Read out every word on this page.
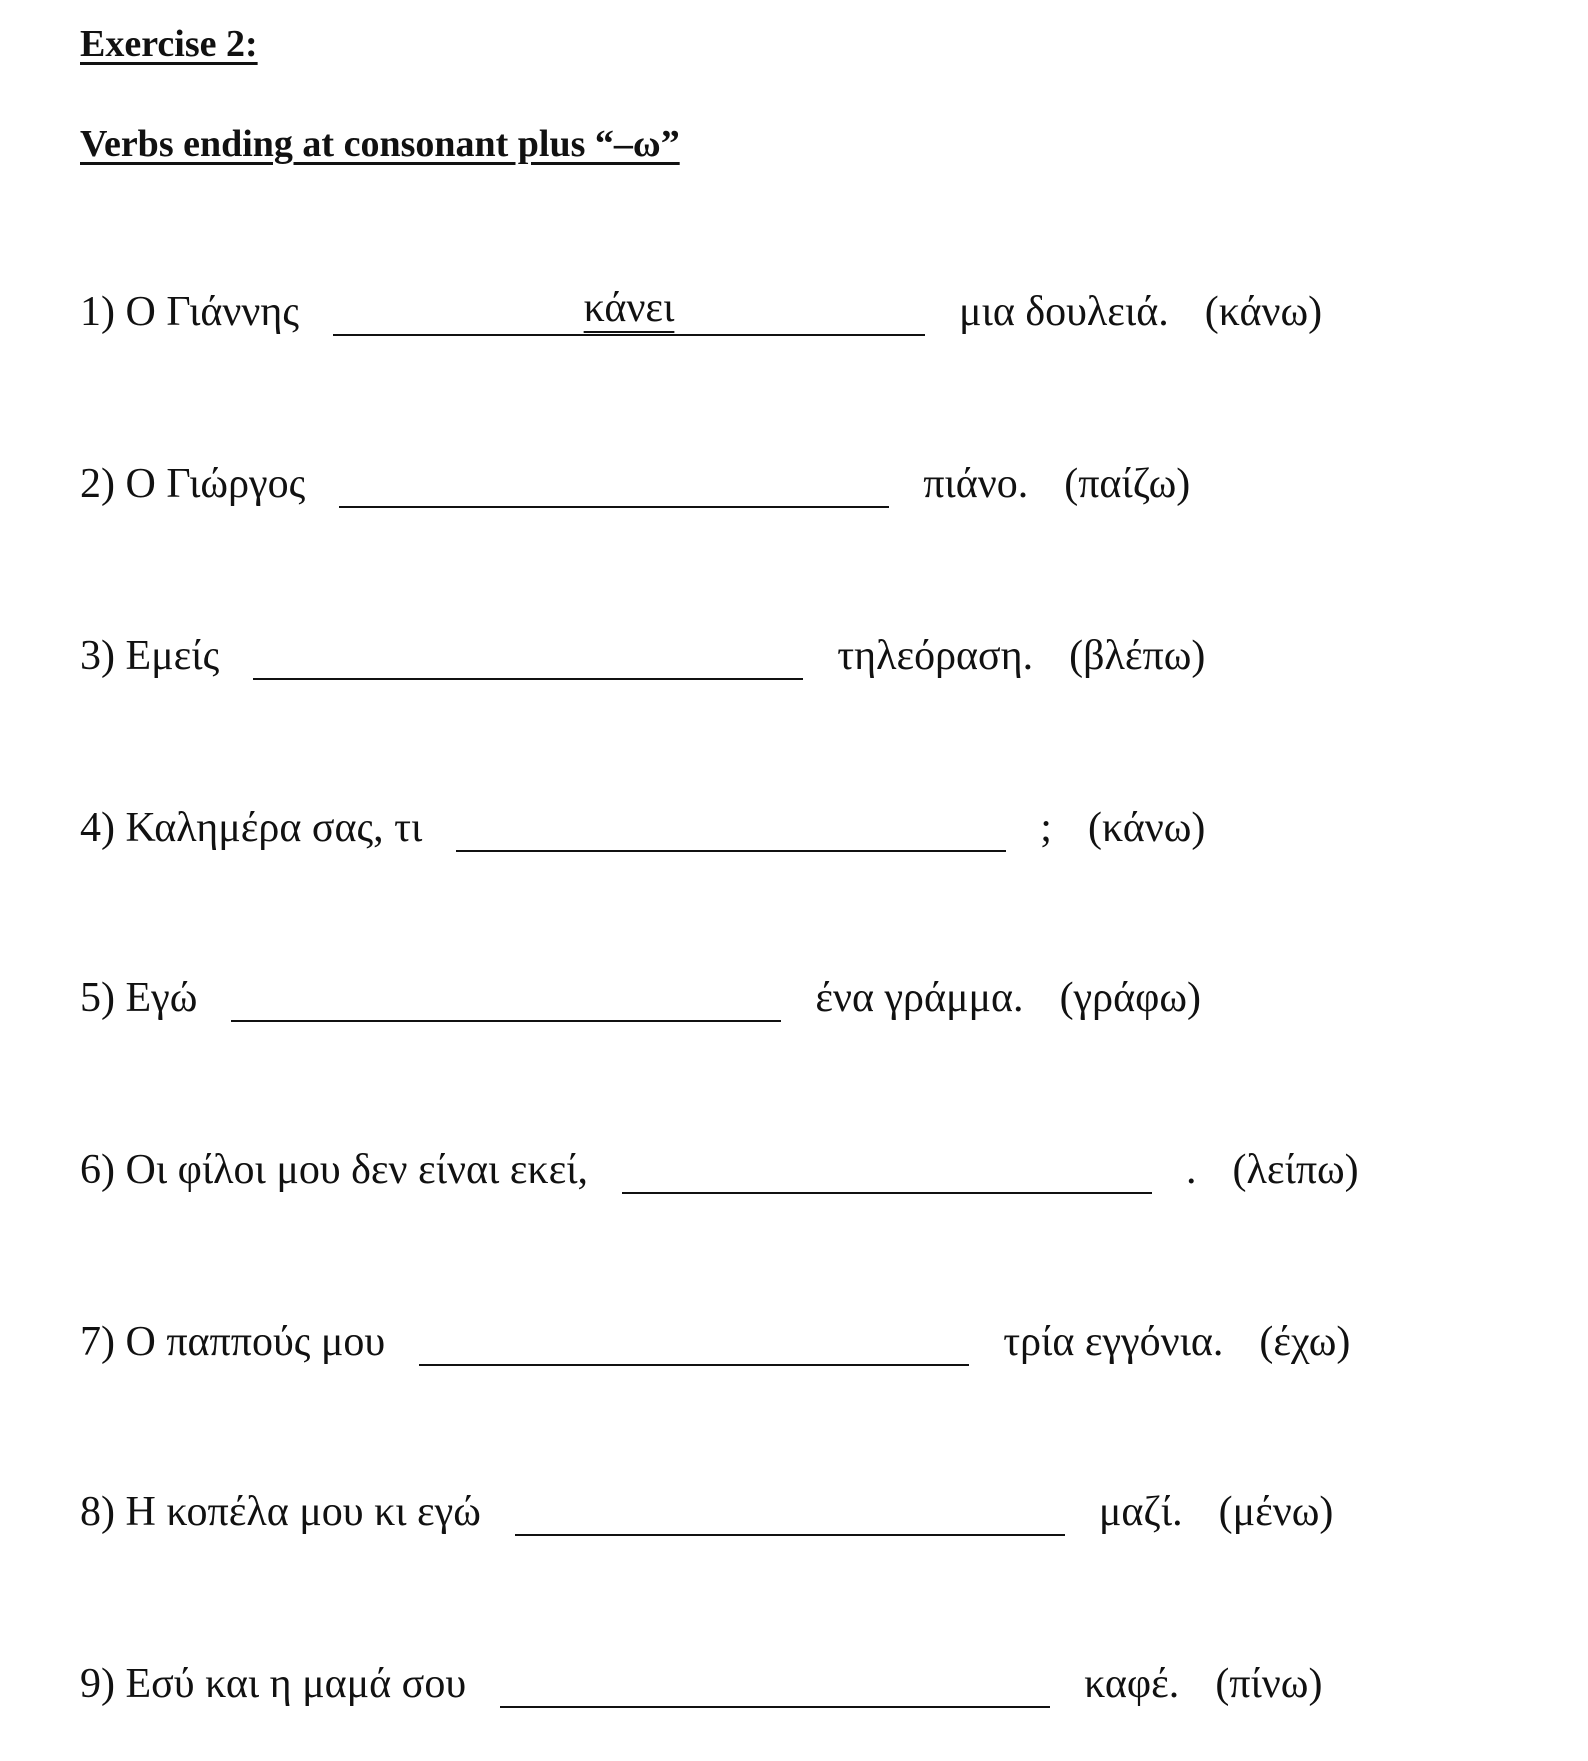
Exercise 2:
Verbs ending at consonant plus “–ω”
1) Ο Γιάννης	κάνει	μια δουλειά. (κάνω)
2) Ο Γιώργος	πιάνο. (παίζω)
3) Εμείς	τηλεόραση. (βλέπω)
4) Καλημέρα σας, τι	; (κάνω)
5) Εγώ	ένα γράμμα. (γράφω)
6) Οι φίλοι μου δεν είναι εκεί,	. (λείπω)
7) Ο παππούς μου	τρία εγγόνια. (έχω)
8) Η κοπέλα μου κι εγώ	μαζί. (μένω)
9) Εσύ και η μαμά σου	καφέ. (πίνω)
